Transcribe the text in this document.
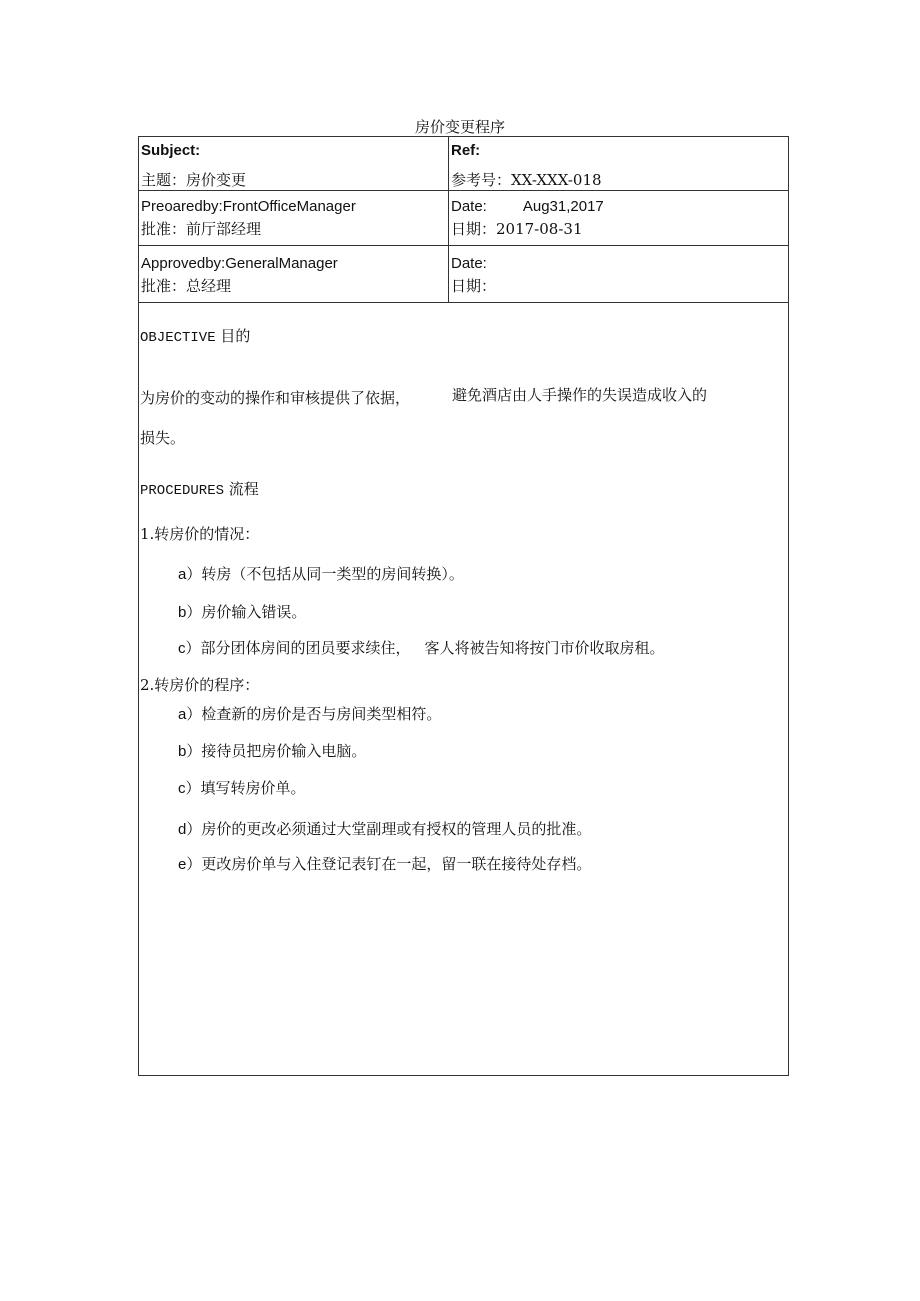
房价变更程序
Subject:
主题：房价变更
Ref:
参考号：XX-XXX-018
Preoaredby:FrontOfficeManager
批准：前厅部经理
Date: Aug31,2017
日期：2017-08-31
Approvedby:GeneralManager
批准：总经理
Date:
日期：
OBJECTIVE 目的
为房价的变动的操作和审核提供了依据，	避免酒店由人手操作的失误造成收入的
损失。
PROCEDURES 流程
1.转房价的情况：
a）转房（不包括从同一类型的房间转换）。
b）房价输入错误。
c）部分团体房间的团员要求续住， 客人将被告知将按门市价收取房租。
2.转房价的程序：
a）检查新的房价是否与房间类型相符。
b）接待员把房价输入电脑。
c）填写转房价单。
d）房价的更改必须通过大堂副理或有授权的管理人员的批准。
e）更改房价单与入住登记表钉在一起，留一联在接待处存档。
